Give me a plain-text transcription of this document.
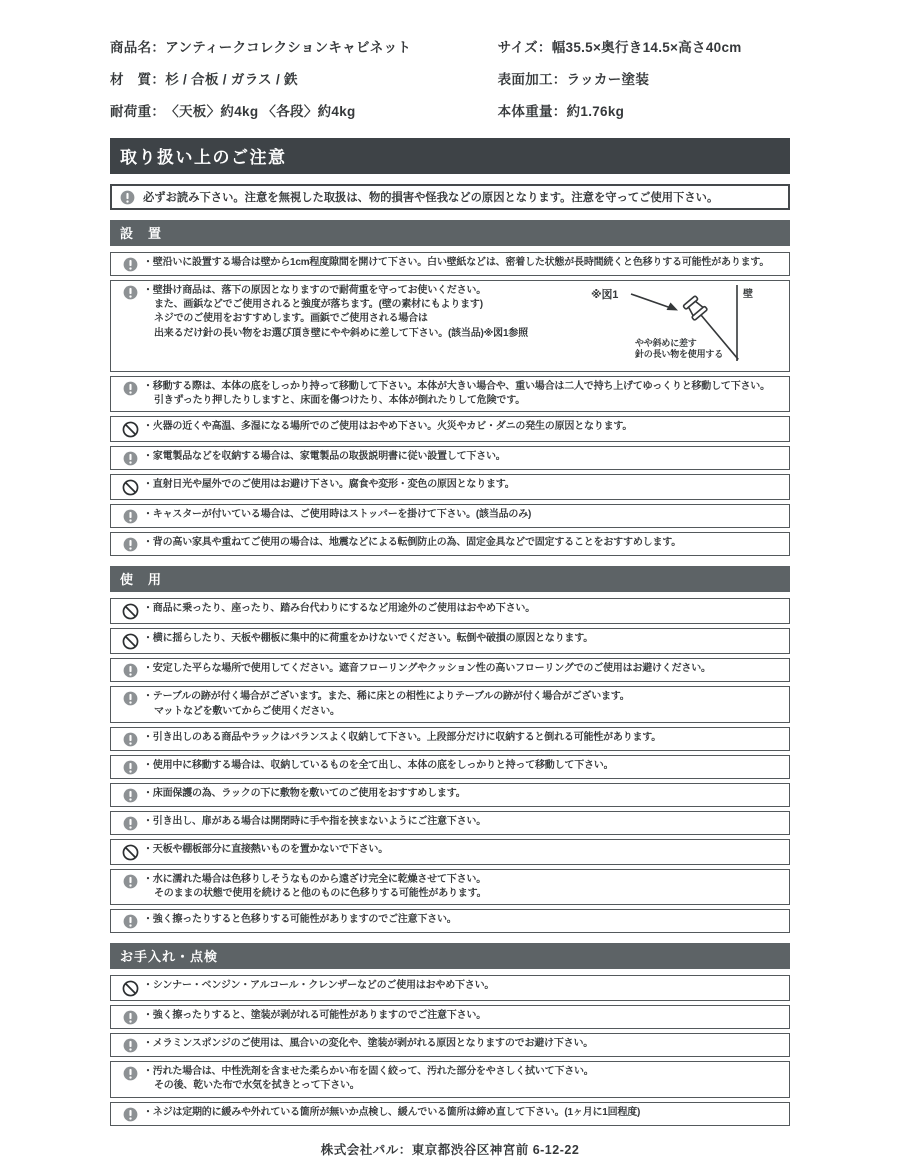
商品名： アンティークコレクションキャビネット
材　質： 杉 / 合板 / ガラス / 鉄
耐荷重： 〈天板〉約4kg 〈各段〉約4kg
サイズ： 幅35.5×奥行き14.5×高さ40cm
表面加工： ラッカー塗装
本体重量： 約1.76kg
取り扱い上のご注意
必ずお読み下さい。注意を無視した取扱は、物的損害や怪我などの原因となります。注意を守ってご使用下さい。
設　置
・壁沿いに設置する場合は壁から1cm程度隙間を開けて下さい。白い壁紙などは、密着した状態が長時間続くと色移りする可能性があります。
・壁掛け商品は、落下の原因となりますので耐荷重を守ってお使いください。
また、画鋲などでご使用されると強度が落ちます。(壁の素材にもよります)
ネジでのご使用をおすすめします。画鋲でご使用される場合は
出来るだけ針の長い物をお選び頂き壁にやや斜めに差して下さい。(該当品)※図1参照
※図1	壁
やや斜めに差す
針の長い物を使用する
・移動する際は、本体の底をしっかり持って移動して下さい。本体が大きい場合や、重い場合は二人で持ち上げてゆっくりと移動して下さい。
引きずったり押したりしますと、床面を傷つけたり、本体が倒れたりして危険です。
・火器の近くや高温、多湿になる場所でのご使用はおやめ下さい。火災やカビ・ダニの発生の原因となります。
・家電製品などを収納する場合は、家電製品の取扱説明書に従い設置して下さい。
・直射日光や屋外でのご使用はお避け下さい。腐食や変形・変色の原因となります。
・キャスターが付いている場合は、ご使用時はストッパーを掛けて下さい。(該当品のみ)
・背の高い家具や重ねてご使用の場合は、地震などによる転倒防止の為、固定金具などで固定することをおすすめします。
使　用
・商品に乗ったり、座ったり、踏み台代わりにするなど用途外のご使用はおやめ下さい。
・横に揺らしたり、天板や棚板に集中的に荷重をかけないでください。転倒や破損の原因となります。
・安定した平らな場所で使用してください。遮音フローリングやクッション性の高いフローリングでのご使用はお避けください。
・テーブルの跡が付く場合がございます。また、稀に床との相性によりテーブルの跡が付く場合がございます。
マットなどを敷いてからご使用ください。
・引き出しのある商品やラックはバランスよく収納して下さい。上段部分だけに収納すると倒れる可能性があります。
・使用中に移動する場合は、収納しているものを全て出し、本体の底をしっかりと持って移動して下さい。
・床面保護の為、ラックの下に敷物を敷いてのご使用をおすすめします。
・引き出し、扉がある場合は開閉時に手や指を挟まないようにご注意下さい。
・天板や棚板部分に直接熱いものを置かないで下さい。
・水に濡れた場合は色移りしそうなものから遠ざけ完全に乾燥させて下さい。
そのままの状態で使用を続けると他のものに色移りする可能性があります。
・強く擦ったりすると色移りする可能性がありますのでご注意下さい。
お手入れ・点検
・シンナー・ベンジン・アルコール・クレンザーなどのご使用はおやめ下さい。
・強く擦ったりすると、塗装が剥がれる可能性がありますのでご注意下さい。
・メラミンスポンジのご使用は、風合いの変化や、塗装が剥がれる原因となりますのでお避け下さい。
・汚れた場合は、中性洗剤を含ませた柔らかい布を固く絞って、汚れた部分をやさしく拭いて下さい。
その後、乾いた布で水気を拭きとって下さい。
・ネジは定期的に緩みや外れている箇所が無いか点検し、緩んでいる箇所は締め直して下さい。(1ヶ月に1回程度)
株式会社パル：東京都渋谷区神宮前 6-12-22
